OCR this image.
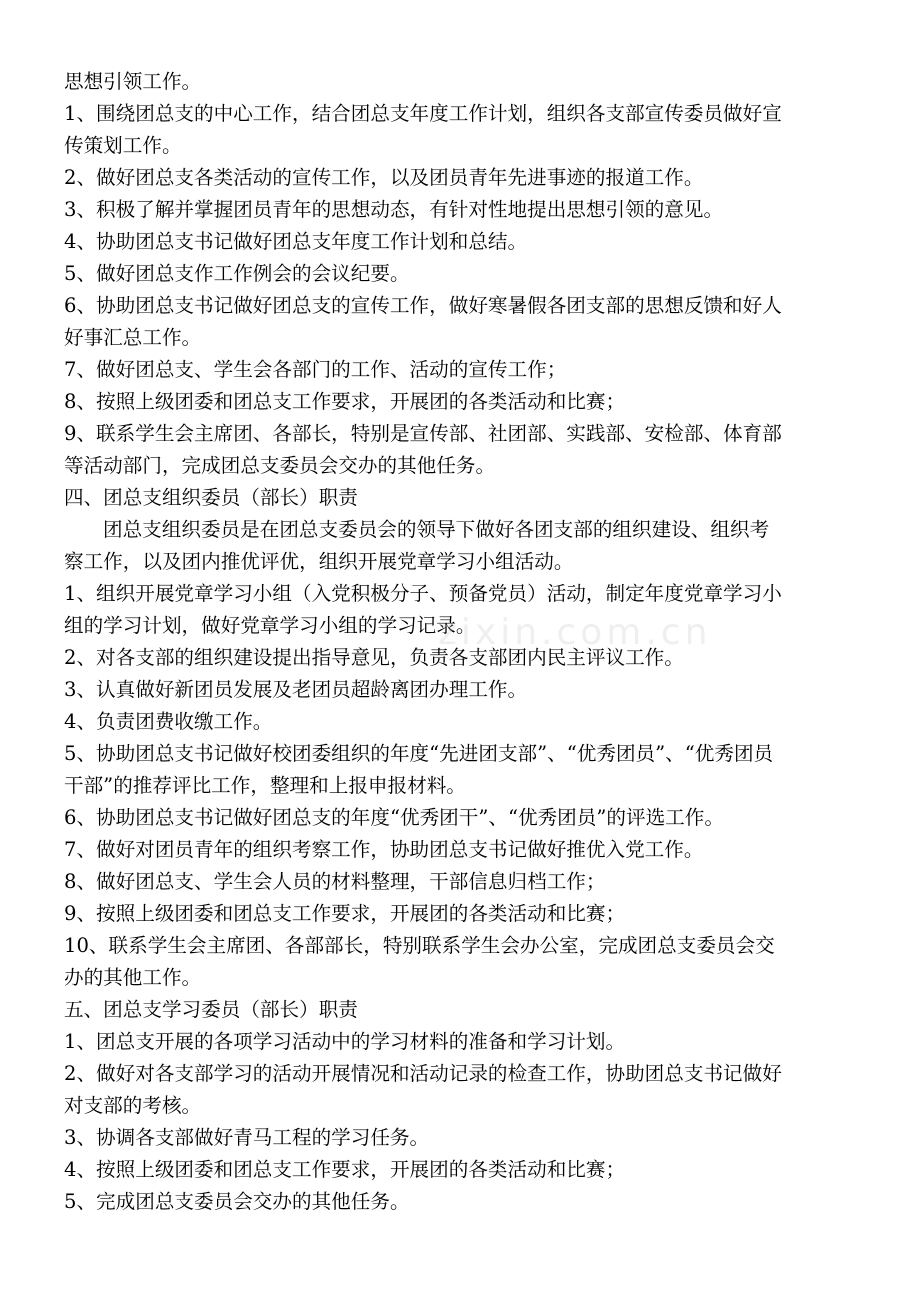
思想引领工作。
1、围绕团总支的中心工作，结合团总支年度工作计划，组织各支部宣传委员做好宣
传策划工作。
2、做好团总支各类活动的宣传工作，以及团员青年先进事迹的报道工作。
3、积极了解并掌握团员青年的思想动态，有针对性地提出思想引领的意见。
4、协助团总支书记做好团总支年度工作计划和总结。
5、做好团总支作工作例会的会议纪要。
6、协助团总支书记做好团总支的宣传工作，做好寒暑假各团支部的思想反馈和好人
好事汇总工作。
7、做好团总支、学生会各部门的工作、活动的宣传工作；
8、按照上级团委和团总支工作要求，开展团的各类活动和比赛；
9、联系学生会主席团、各部长，特别是宣传部、社团部、实践部、安检部、体育部
等活动部门，完成团总支委员会交办的其他任务。
四、团总支组织委员（部长）职责
团总支组织委员是在团总支委员会的领导下做好各团支部的组织建设、组织考
察工作，以及团内推优评优，组织开展党章学习小组活动。
1、组织开展党章学习小组（入党积极分子、预备党员）活动，制定年度党章学习小
组的学习计划，做好党章学习小组的学习记录。
2、对各支部的组织建设提出指导意见，负责各支部团内民主评议工作。
3、认真做好新团员发展及老团员超龄离团办理工作。
4、负责团费收缴工作。
5、协助团总支书记做好校团委组织的年度“先进团支部”、“优秀团员”、“优秀团员
干部”的推荐评比工作，整理和上报申报材料。
6、协助团总支书记做好团总支的年度“优秀团干”、“优秀团员”的评选工作。
7、做好对团员青年的组织考察工作，协助团总支书记做好推优入党工作。
8、做好团总支、学生会人员的材料整理，干部信息归档工作；
9、按照上级团委和团总支工作要求，开展团的各类活动和比赛；
10、联系学生会主席团、各部部长，特别联系学生会办公室，完成团总支委员会交
办的其他工作。
五、团总支学习委员（部长）职责
1、团总支开展的各项学习活动中的学习材料的准备和学习计划。
2、做好对各支部学习的活动开展情况和活动记录的检查工作，协助团总支书记做好
对支部的考核。
3、协调各支部做好青马工程的学习任务。
4、按照上级团委和团总支工作要求，开展团的各类活动和比赛；
5、完成团总支委员会交办的其他任务。
zixin.com.cn
